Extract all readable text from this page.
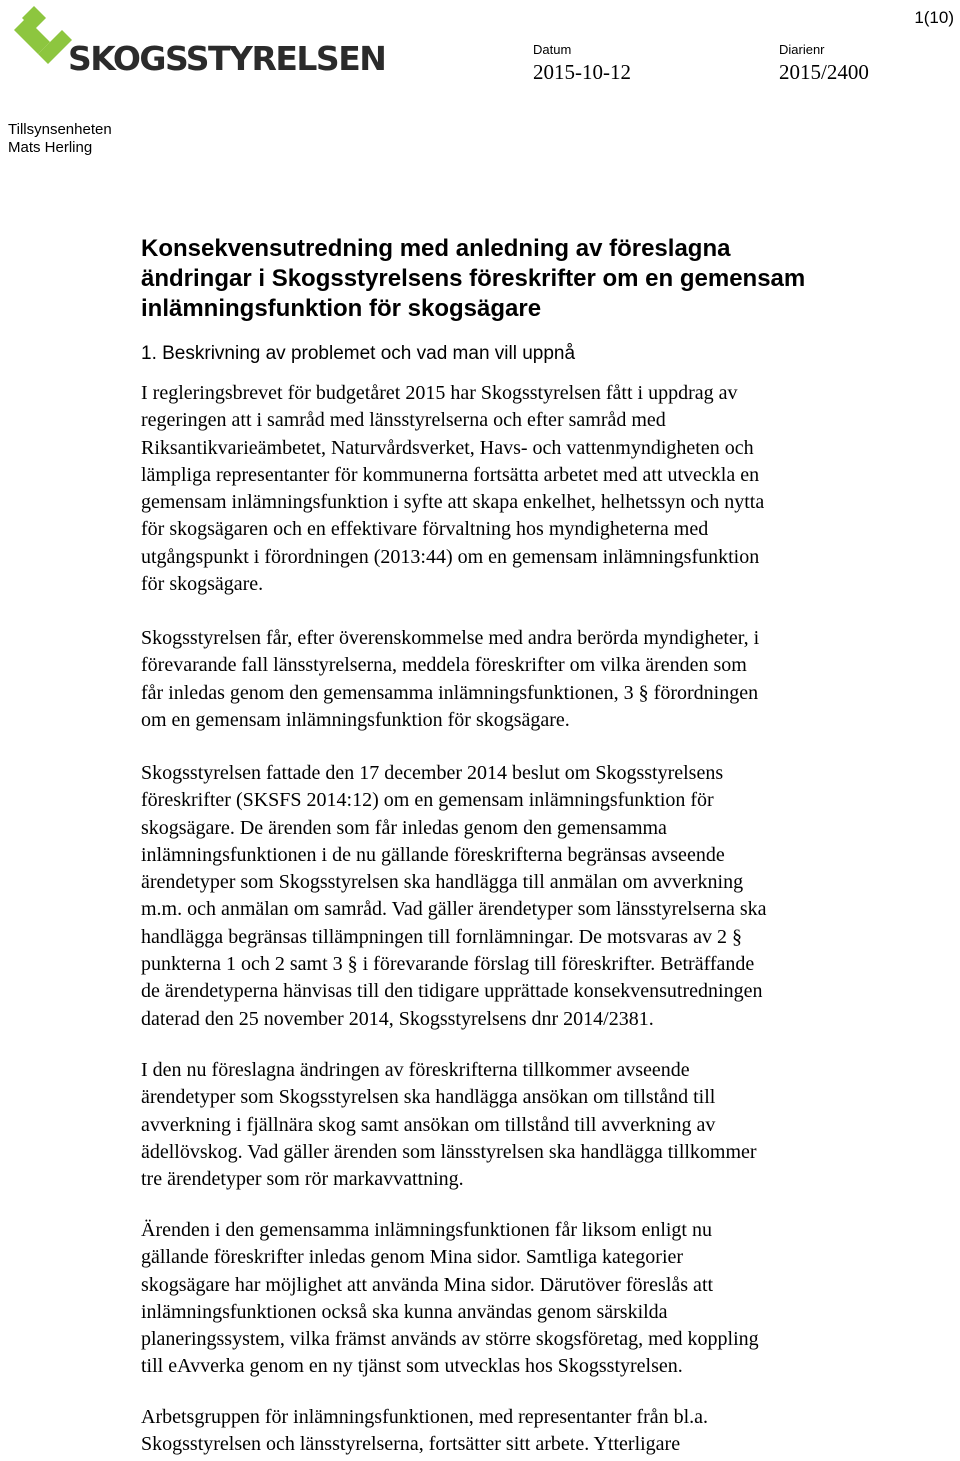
SKOGSSTYRELSEN
1(10)
Datum
2015-10-12
Diarienr
2015/2400
Tillsynsenheten
Mats Herling
Konsekvensutredning med anledning av föreslagna
ändringar i Skogsstyrelsens föreskrifter om en gemensam
inlämningsfunktion för skogsägare
1. Beskrivning av problemet och vad man vill uppnå
I regleringsbrevet för budgetåret 2015 har Skogsstyrelsen fått i uppdrag av
regeringen att i samråd med länsstyrelserna och efter samråd med
Riksantikvarieämbetet, Naturvårdsverket, Havs- och vattenmyndigheten och
lämpliga representanter för kommunerna fortsätta arbetet med att utveckla en
gemensam inlämningsfunktion i syfte att skapa enkelhet, helhetssyn och nytta
för skogsägaren och en effektivare förvaltning hos myndigheterna med
utgångspunkt i förordningen (2013:44) om en gemensam inlämningsfunktion
för skogsägare.
Skogsstyrelsen får, efter överenskommelse med andra berörda myndigheter, i
förevarande fall länsstyrelserna, meddela föreskrifter om vilka ärenden som
får inledas genom den gemensamma inlämningsfunktionen, 3 § förordningen
om en gemensam inlämningsfunktion för skogsägare.
Skogsstyrelsen fattade den 17 december 2014 beslut om Skogsstyrelsens
föreskrifter (SKSFS 2014:12) om en gemensam inlämningsfunktion för
skogsägare. De ärenden som får inledas genom den gemensamma
inlämningsfunktionen i de nu gällande föreskrifterna begränsas avseende
ärendetyper som Skogsstyrelsen ska handlägga till anmälan om avverkning
m.m. och anmälan om samråd. Vad gäller ärendetyper som länsstyrelserna ska
handlägga begränsas tillämpningen till fornlämningar. De motsvaras av 2 §
punkterna 1 och 2 samt 3 § i förevarande förslag till föreskrifter. Beträffande
de ärendetyperna hänvisas till den tidigare upprättade konsekvensutredningen
daterad den 25 november 2014, Skogsstyrelsens dnr 2014/2381.
I den nu föreslagna ändringen av föreskrifterna tillkommer avseende
ärendetyper som Skogsstyrelsen ska handlägga ansökan om tillstånd till
avverkning i fjällnära skog samt ansökan om tillstånd till avverkning av
ädellövskog. Vad gäller ärenden som länsstyrelsen ska handlägga tillkommer
tre ärendetyper som rör markavvattning.
Ärenden i den gemensamma inlämningsfunktionen får liksom enligt nu
gällande föreskrifter inledas genom Mina sidor. Samtliga kategorier
skogsägare har möjlighet att använda Mina sidor. Därutöver föreslås att
inlämningsfunktionen också ska kunna användas genom särskilda
planeringssystem, vilka främst används av större skogsföretag, med koppling
till eAvverka genom en ny tjänst som utvecklas hos Skogsstyrelsen.
Arbetsgruppen för inlämningsfunktionen, med representanter från bl.a.
Skogsstyrelsen och länsstyrelserna, fortsätter sitt arbete. Ytterligare
